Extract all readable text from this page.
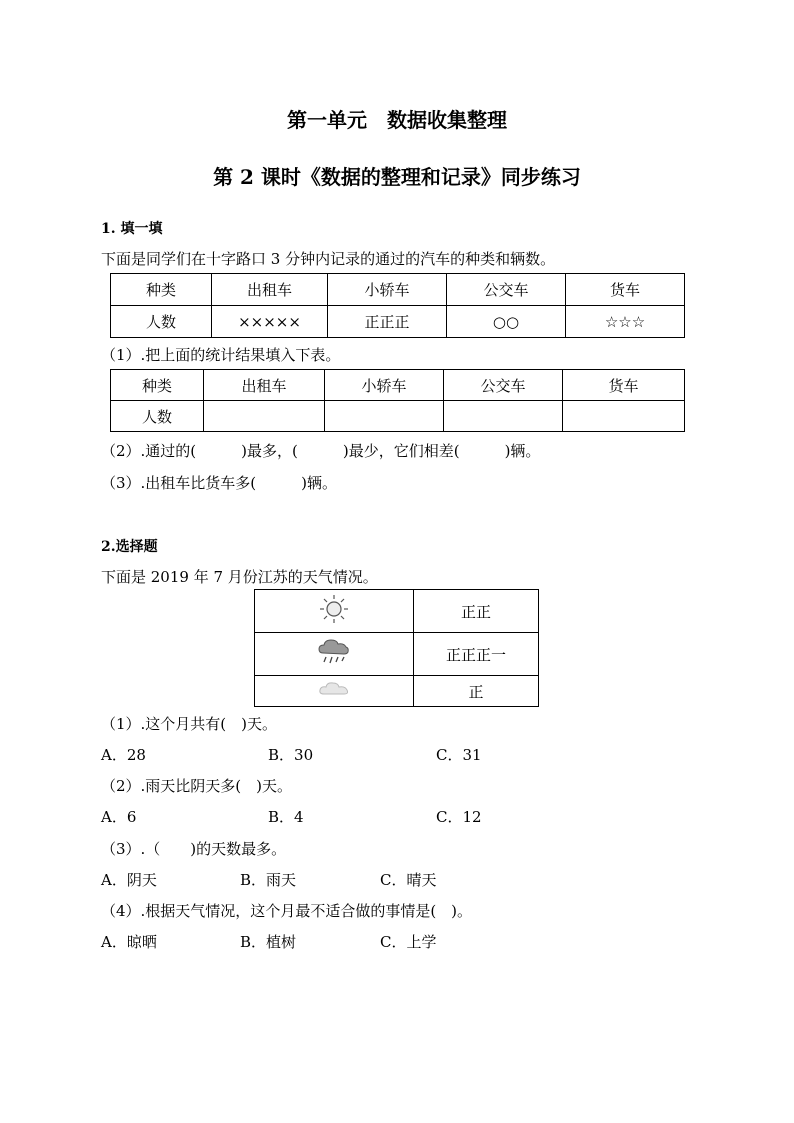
第一单元　数据收集整理
第 2 课时《数据的整理和记录》同步练习
1. 填一填
下面是同学们在十字路口 3 分钟内记录的通过的汽车的种类和辆数。
种类	出租车	小轿车	公交车	货车
人数	×××××	正正正	○○	☆☆☆
（1）.把上面的统计结果填入下表。
种类	出租车	小轿车	公交车	货车
人数				
（2）.通过的(　　　)最多，(　　　)最少，它们相差(　　　)辆。
（3）.出租车比货车多(　　　)辆。
2.选择题
下面是 2019 年 7 月份江苏的天气情况。
	正正
	正正正一
	正
（1）.这个月共有(　)天。
A．28	B．30	C．31
（2）.雨天比阴天多(　)天。
A．6	B．4	C．12
（3）.（　　)的天数最多。
A．阴天	B．雨天	C．晴天
（4）.根据天气情况，这个月最不适合做的事情是(　)。
A．晾晒	B．植树	C．上学
